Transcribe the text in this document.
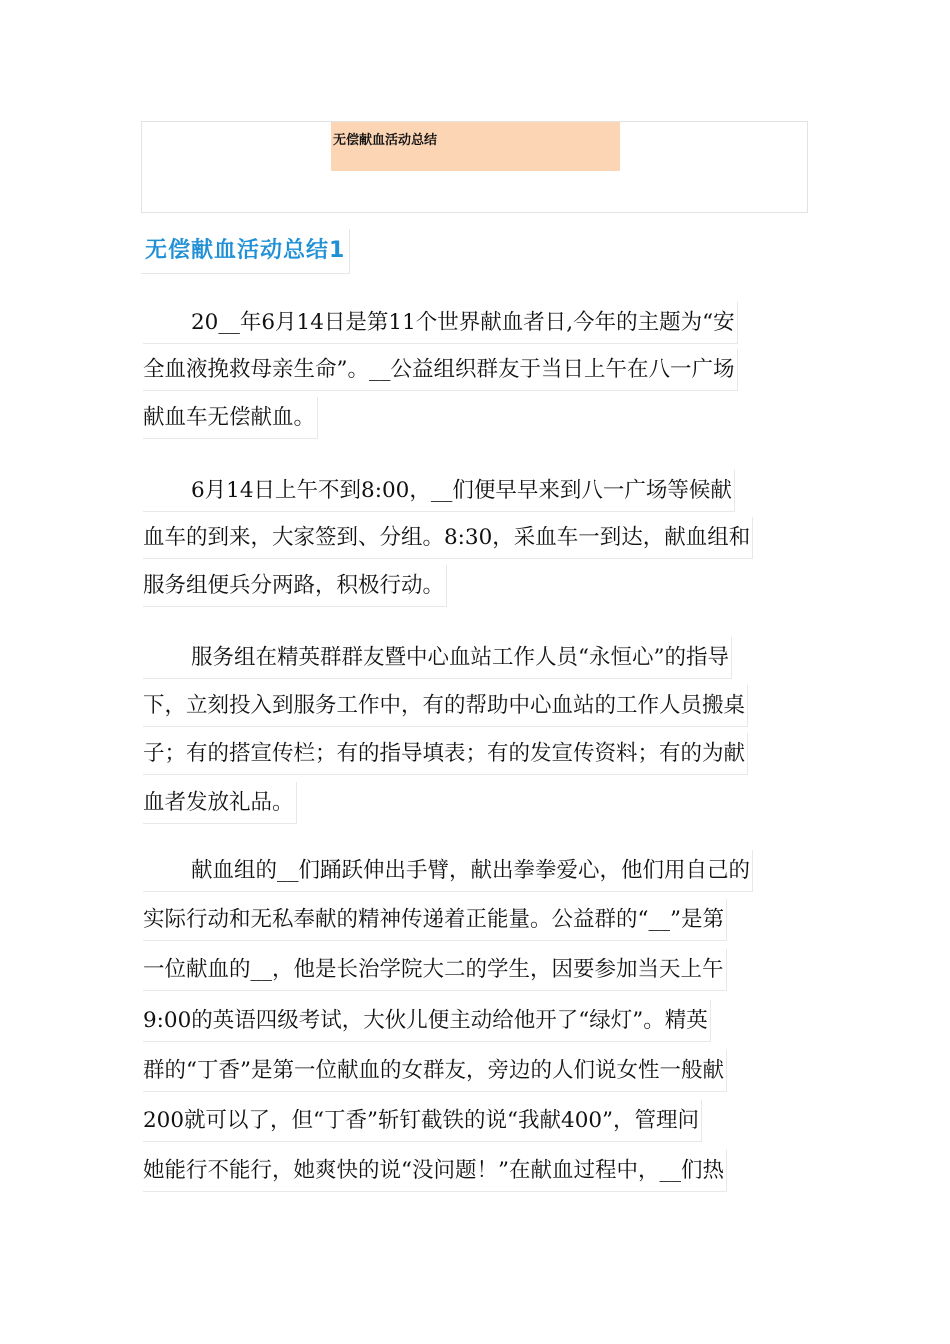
无偿献血活动总结
无偿献血活动总结1
20__年6月14日是第11个世界献血者日,今年的主题为“安
全血液挽救母亲生命”。__公益组织群友于当日上午在八一广场
献血车无偿献血。
6月14日上午不到8:00，__们便早早来到八一广场等候献
血车的到来，大家签到、分组。8:30，采血车一到达，献血组和
服务组便兵分两路，积极行动。
服务组在精英群群友暨中心血站工作人员“永恒心”的指导
下，立刻投入到服务工作中，有的帮助中心血站的工作人员搬桌
子；有的搭宣传栏；有的指导填表；有的发宣传资料；有的为献
血者发放礼品。
献血组的__们踊跃伸出手臂，献出拳拳爱心，他们用自己的
实际行动和无私奉献的精神传递着正能量。公益群的“__”是第
一位献血的__，他是长治学院大二的学生，因要参加当天上午
9:00的英语四级考试，大伙儿便主动给他开了“绿灯”。精英
群的“丁香”是第一位献血的女群友，旁边的人们说女性一般献
200就可以了，但“丁香”斩钉截铁的说“我献400”，管理问
她能行不能行，她爽快的说“没问题！”在献血过程中，__们热
